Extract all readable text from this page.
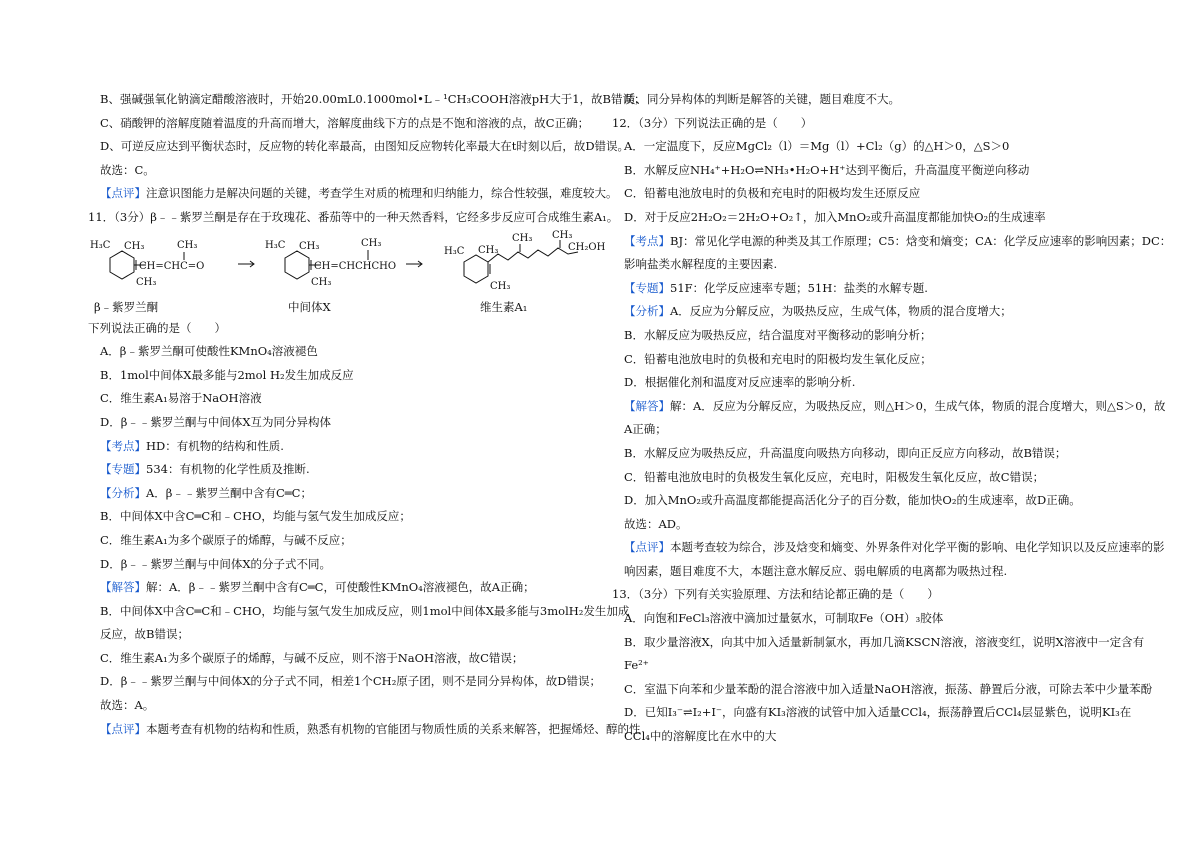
B、强碱强氧化钠滴定醋酸溶液时，开始20.00mL0.1000mol•L﹣¹CH₃COOH溶液pH大于1，故B错误；
C、硝酸钾的溶解度随着温度的升高而增大，溶解度曲线下方的点是不饱和溶液的点，故C正确；
D、可逆反应达到平衡状态时，反应物的转化率最高，由图知反应物转化率最大在t时刻以后，故D错误。
故选：C。
【点评】注意识图能力是解决问题的关键，考查学生对质的梳理和归纳能力，综合性较强，难度较大。
11．（3分）β﹣﹣紫罗兰酮是存在于玫瑰花、番茄等中的一种天然香料，它经多步反应可合成维生素A₁。
H₃C CH₃
CH=CHC=O
CH₃
CH₃
H₃C CH₃
CH=CHCHCHO
CH₃
CH₃
H₃C CH₃
CH₃ CH₃
CH₂OH
CH₃
β﹣紫罗兰酮	中间体X	维生素A₁
下列说法正确的是（　　）
A．β﹣紫罗兰酮可使酸性KMnO₄溶液褪色
B．1mol中间体X最多能与2mol H₂发生加成反应
C．维生素A₁易溶于NaOH溶液
D．β﹣﹣紫罗兰酮与中间体X互为同分异构体
【考点】HD：有机物的结构和性质.
【专题】534：有机物的化学性质及推断.
【分析】A．β﹣﹣紫罗兰酮中含有C═C；
B．中间体X中含C═C和﹣CHO，均能与氢气发生加成反应；
C．维生素A₁为多个碳原子的烯醇，与碱不反应；
D．β﹣﹣紫罗兰酮与中间体X的分子式不同。
【解答】解：A．β﹣﹣紫罗兰酮中含有C═C，可使酸性KMnO₄溶液褪色，故A正确；
B．中间体X中含C═C和﹣CHO，均能与氢气发生加成反应，则1mol中间体X最多能与3molH₂发生加成
反应，故B错误；
C．维生素A₁为多个碳原子的烯醇，与碱不反应，则不溶于NaOH溶液，故C错误；
D．β﹣﹣紫罗兰酮与中间体X的分子式不同，相差1个CH₂原子团，则不是同分异构体，故D错误；
故选：A。
【点评】本题考查有机物的结构和性质，熟悉有机物的官能团与物质性质的关系来解答，把握烯烃、醇的性
质、同分异构体的判断是解答的关键，题目难度不大。
12．（3分）下列说法正确的是（　　）
A．一定温度下，反应MgCl₂（l）＝Mg（l）+Cl₂（g）的△H＞0，△S＞0
B．水解反应NH₄⁺+H₂O⇌NH₃•H₂O+H⁺达到平衡后，升高温度平衡逆向移动
C．铅蓄电池放电时的负极和充电时的阳极均发生还原反应
D．对于反应2H₂O₂＝2H₂O+O₂↑，加入MnO₂或升高温度都能加快O₂的生成速率
【考点】BJ：常见化学电源的种类及其工作原理；C5：焓变和熵变；CA：化学反应速率的影响因素；DC：
影响盐类水解程度的主要因素.
【专题】51F：化学反应速率专题；51H：盐类的水解专题.
【分析】A．反应为分解反应，为吸热反应，生成气体，物质的混合度增大；
B．水解反应为吸热反应，结合温度对平衡移动的影响分析；
C．铅蓄电池放电时的负极和充电时的阳极均发生氧化反应；
D．根据催化剂和温度对反应速率的影响分析.
【解答】解：A．反应为分解反应，为吸热反应，则△H＞0，生成气体，物质的混合度增大，则△S＞0，故
A正确；
B．水解反应为吸热反应，升高温度向吸热方向移动，即向正反应方向移动，故B错误；
C．铅蓄电池放电时的负极发生氧化反应，充电时，阳极发生氧化反应，故C错误；
D．加入MnO₂或升高温度都能提高活化分子的百分数，能加快O₂的生成速率，故D正确。
故选：AD。
【点评】本题考查较为综合，涉及焓变和熵变、外界条件对化学平衡的影响、电化学知识以及反应速率的影
响因素，题目难度不大，本题注意水解反应、弱电解质的电离都为吸热过程.
13．（3分）下列有关实验原理、方法和结论都正确的是（　　）
A．向饱和FeCl₃溶液中滴加过量氨水，可制取Fe（OH）₃胶体
B．取少量溶液X，向其中加入适量新制氯水，再加几滴KSCN溶液，溶液变红，说明X溶液中一定含有
Fe²⁺
C．室温下向苯和少量苯酚的混合溶液中加入适量NaOH溶液，振荡、静置后分液，可除去苯中少量苯酚
D．已知I₃⁻⇌I₂+I⁻，向盛有KI₃溶液的试管中加入适量CCl₄，振荡静置后CCl₄层显紫色，说明KI₃在
CCl₄中的溶解度比在水中的大
